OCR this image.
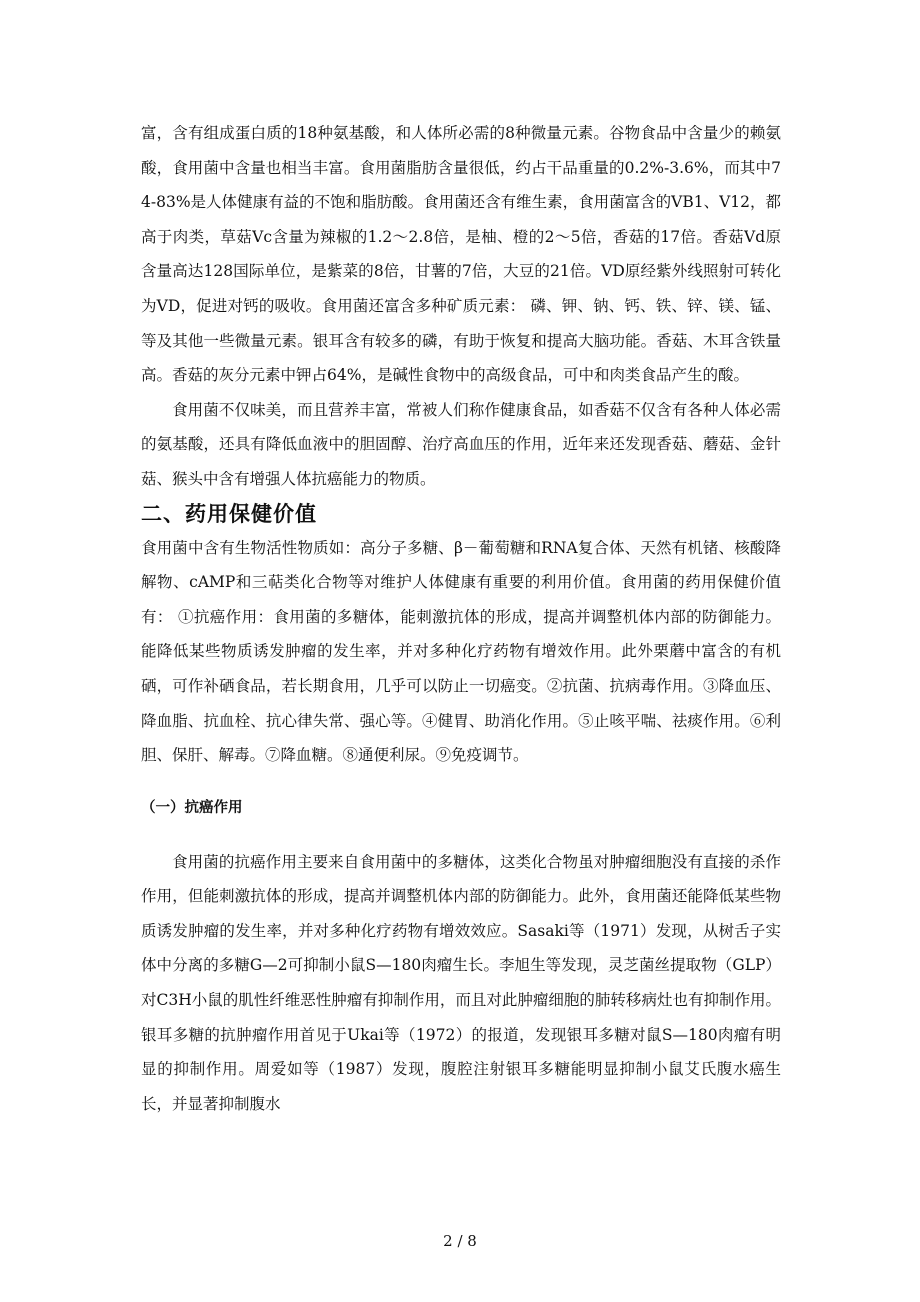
富，含有组成蛋白质的18种氨基酸，和人体所必需的8种微量元素。谷物食品中含量少的赖氨酸，食用菌中含量也相当丰富。食用菌脂肪含量很低，约占干品重量的0.2%-3.6%，而其中74-83%是人体健康有益的不饱和脂肪酸。食用菌还含有维生素，食用菌富含的VB1、V12，都高于肉类，草菇Vc含量为辣椒的1.2～2.8倍，是柚、橙的2～5倍，香菇的17倍。香菇Vd原含量高达128国际单位，是紫菜的8倍，甘薯的7倍，大豆的21倍。VD原经紫外线照射可转化为VD，促进对钙的吸收。食用菌还富含多种矿质元素： 磷、钾、钠、钙、铁、锌、镁、锰、等及其他一些微量元素。银耳含有较多的磷，有助于恢复和提高大脑功能。香菇、木耳含铁量高。香菇的灰分元素中钾占64%，是碱性食物中的高级食品，可中和肉类食品产生的酸。

食用菌不仅味美，而且营养丰富，常被人们称作健康食品，如香菇不仅含有各种人体必需的氨基酸，还具有降低血液中的胆固醇、治疗高血压的作用，近年来还发现香菇、蘑菇、金针菇、猴头中含有增强人体抗癌能力的物质。

二、药用保健价值

食用菌中含有生物活性物质如：高分子多糖、β－葡萄糖和RNA复合体、天然有机锗、核酸降解物、cAMP和三萜类化合物等对维护人体健康有重要的利用价值。食用菌的药用保健价值有： ①抗癌作用：食用菌的多糖体，能刺激抗体的形成，提高并调整机体内部的防御能力。能降低某些物质诱发肿瘤的发生率，并对多种化疗药物有增效作用。此外栗蘑中富含的有机硒，可作补硒食品，若长期食用，几乎可以防止一切癌变。②抗菌、抗病毒作用。③降血压、降血脂、抗血栓、抗心律失常、强心等。④健胃、助消化作用。⑤止咳平喘、祛痰作用。⑥利胆、保肝、解毒。⑦降血糖。⑧通便利尿。⑨免疫调节。

（一）抗癌作用

食用菌的抗癌作用主要来自食用菌中的多糖体，这类化合物虽对肿瘤细胞没有直接的杀作作用，但能刺激抗体的形成，提高并调整机体内部的防御能力。此外，食用菌还能降低某些物质诱发肿瘤的发生率，并对多种化疗药物有增效效应。Sasaki等（1971）发现，从树舌子实体中分离的多糖G—2可抑制小鼠S—180肉瘤生长。李旭生等发现，灵芝菌丝提取物（GLP）对C3H小鼠的肌性纤维恶性肿瘤有抑制作用，而且对此肿瘤细胞的肺转移病灶也有抑制作用。银耳多糖的抗肿瘤作用首见于Ukai等（1972）的报道，发现银耳多糖对鼠S—180肉瘤有明显的抑制作用。周爱如等（1987）发现，腹腔注射银耳多糖能明显抑制小鼠艾氏腹水癌生长，并显著抑制腹水

2 / 8
